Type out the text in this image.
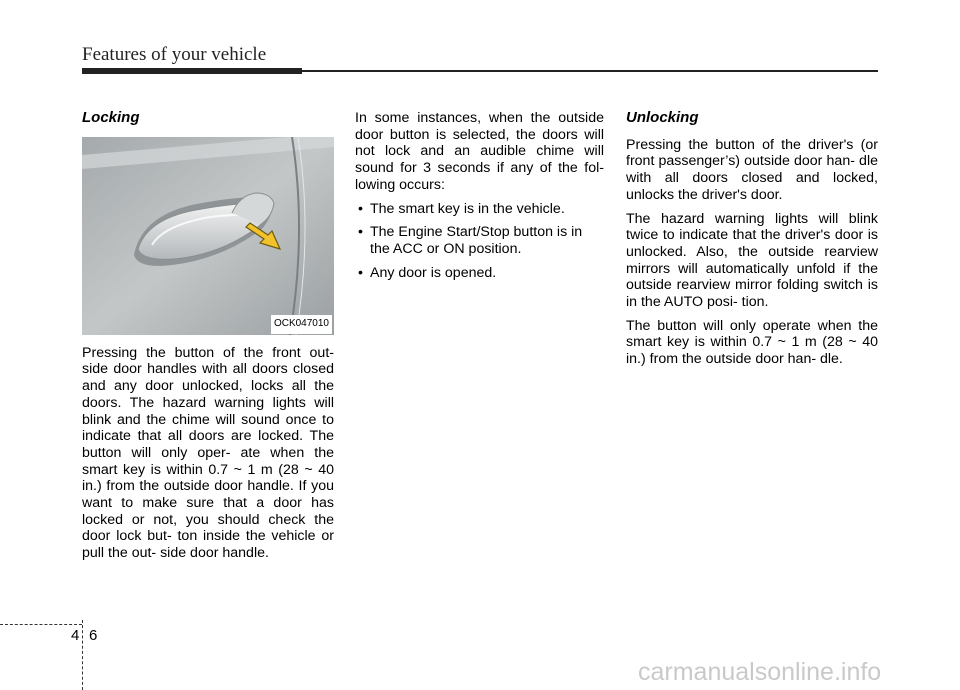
Features of your vehicle
Locking
OCK047010

Pressing the button of the front out- side door handles with all doors closed and any door unlocked, locks all the doors. The hazard warning lights will blink and the chime will sound once to indicate that all doors are locked. The button will only oper- ate when the smart key is within 0.7 ~ 1 m (28 ~ 40 in.) from the outside door handle. If you want to make sure that a door has locked or not, you should check the door lock but- ton inside the vehicle or pull the out- side door handle.

In some instances, when the outside door button is selected, the doors will not lock and an audible chime will sound for 3 seconds if any of the fol- lowing occurs:

• The smart key is in the vehicle.
• The Engine Start/Stop button is in the ACC or ON position.
• Any door is opened.
Unlocking

Pressing the button of the driver's (or front passenger’s) outside door han- dle with all doors closed and locked, unlocks the driver's door.

The hazard warning lights will blink twice to indicate that the driver's door is unlocked. Also, the outside rearview mirrors will automatically unfold if the outside rearview mirror folding switch is in the AUTO posi- tion.

The button will only operate when the smart key is within 0.7 ~ 1 m (28 ~ 40 in.) from the outside door han- dle.

4 6
carmanualsonline.info
